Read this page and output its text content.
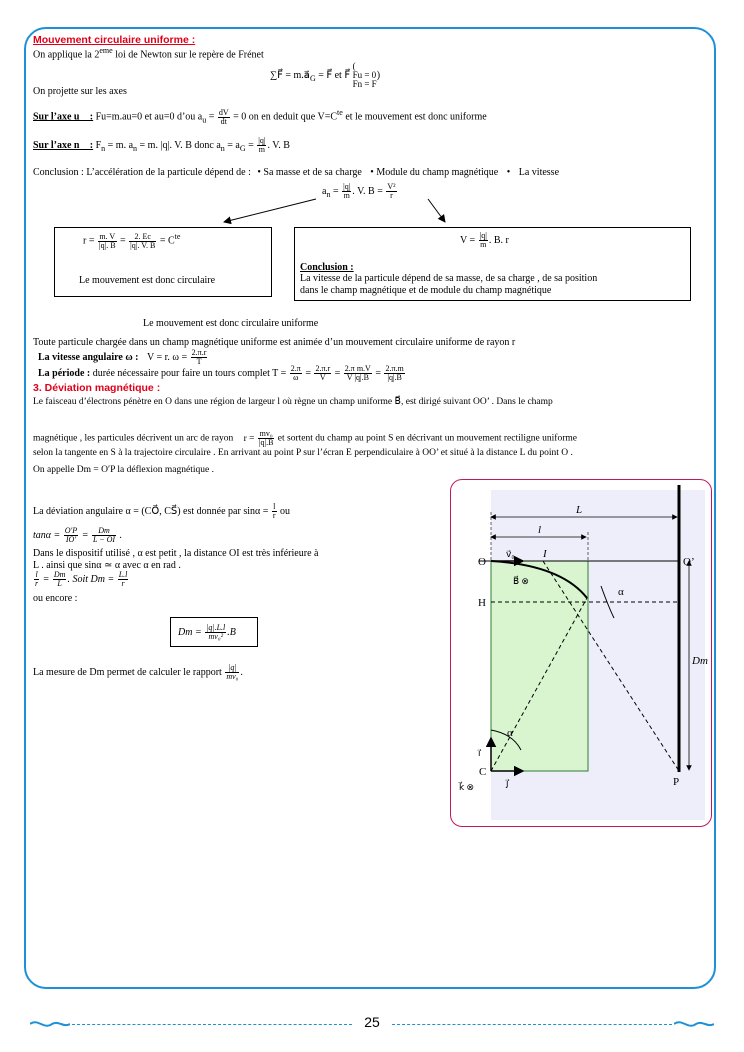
Mouvement circulaire uniforme :
On applique la 2eme loi de Newton sur le repère de Frénet
∑F⃗ = $m.a⃗_G$ = F⃗ et F⃗ (
Fu = 0
Fn = F
)
On projette sur les axes
Sur l’axe u⃗ : Fu=m.au=0 et au=0 d’ou $a_u = \frac{dV}{dt} = 0$ on en deduit que $V=C^{te}$ et le mouvement est donc uniforme
Sur l’axe n⃗ : $F_n = m$. $a_n = m$. |q|. V. B donc $a_n = a_G = \frac{|q|}{m}$ . V. B
Conclusion : L’accélération de la particule dépend de : • Sa masse et de sa charge • Module du champ magnétique • La vitesse
$a_n = \frac{|q|}{m}$ . V. $B = \frac{\text{V²}}{r}$
$r = \frac{m. V}{|q|. B} = \frac{2. Ec}{|q|. V. B} = C^{te}$
Le mouvement est donc circulaire
$V = \frac{|q|}{m}$ . B. r
Conclusion :
La vitesse de la particule dépend de sa masse, de sa charge , de sa position
dans le champ magnétique et de module du champ magnétique
Le mouvement est donc circulaire uniforme
Toute particule chargée dans un champ magnétique uniforme est animée d’un mouvement circulaire uniforme de rayon r
La vitesse angulaire ω : V = r. $\omega = \frac{2.\pi.r}{T}$
La période : durée nécessaire pour faire un tours complet $T = \frac{2.\pi}{\omega} = \frac{2.\pi.r}{V} = \frac{\text{2.π m.V}}{V |q|.B} = \frac{2.\pi.m}{|q|.B}$
3. Déviation magnétique :
Le faisceau d’électrons pénètre en O dans une région de largeur l où règne un champ uniforme B⃗, est dirigé suivant OO’ . Dans le champ
magnétique , les particules décrivent un arc de rayon $r = \frac{\text{mv₀}}{|q|.B}$ et sortent du champ au point S en décrivant un mouvement rectiligne uniforme
selon la tangente en S à la trajectoire circulaire . En arrivant au point P sur l’écran E perpendiculaire à OO’ et situé à la distance L du point O .
On appelle Dm = O′P la déflexion magnétique .
La déviation angulaire α = (CO⃗, CS⃗) est donnée par $\sin\alpha = \frac{l}{r}$ ou
$\tan\alpha = \frac{O'P}{IO'} = \frac{Dm}{L - OI}$ .
Dans le dispositif utilisé , α est petit , la distance OI est très inférieure à
L . ainsi que sinα ≃ α avec α en rad .
$\frac{l}{r} = \frac{Dm}{L}$ . Soit $Dm = \frac{L.l}{r}$
ou encore :
$Dm = \frac{|q|.L.l}{\text{mv₀²}} .B$
La mesure de Dm permet de calculer le rapport $\frac{|q|}{\text{mv₀}}$ .
L
l
O	O’
v⃗₀	I
α
H
B⃗ ⊗
Dm
α
i⃗
C
j⃗
k⃗ ⊗	P
25
